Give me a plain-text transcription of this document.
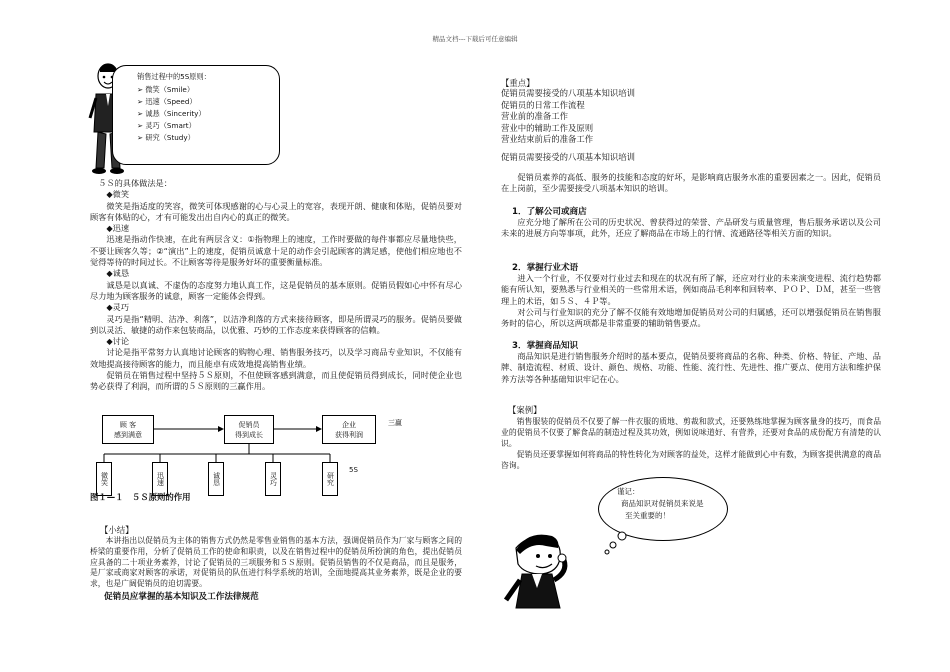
精品文档---下载后可任意编辑
销售过程中的5S原则：
➢ 微笑（Smile）
➢ 迅速（Speed）
➢ 诚恳（Sincerity）
➢ 灵巧（Smart）
➢ 研究（Study）

５Ｓ的具体做法是：

◆微笑

微笑是指适度的笑容，微笑可体现感谢的心与心灵上的宽容，表现开朗、健康和体贴，促销员要对顾客有体贴的心，才有可能发出出自内心的真正的微笑。

◆迅速

迅速是指动作快速，在此有两层含义：①指物理上的速度，工作时要做的每件事都应尽量地快些，不要让顾客久等；②“演出”上的速度，促销员诚意十足的动作会引起顾客的满足感，使他们相应地也不觉得等待的时间过长。不让顾客等待是服务好坏的重要衡量标准。

◆诚恳

诚恳是以真诚、不虚伪的态度努力地认真工作，这是促销员的基本原则。促销员假如心中怀有尽心尽力地为顾客服务的诚意，顾客一定能体会得到。

◆灵巧

灵巧是指“精明、洁净、利落”，以洁净利落的方式来接待顾客，即是所谓灵巧的服务。促销员要做到以灵活、敏捷的动作来包装商品，以优雅、巧妙的工作态度来获得顾客的信赖。

◆讨论

讨论是指平常努力认真地讨论顾客的购物心理、销售服务技巧，以及学习商品专业知识，不仅能有效地提高接待顾客的能力，而且能卓有成效地提高销售业绩。

促销员在销售过程中坚持５Ｓ原则，不但使顾客感到满意，而且使促销员得到成长，同时使企业也势必获得了利润，而所谓的５Ｓ原则的三赢作用。

顾 客
感到满意
促销员
得到成长
企业
获得利润
三赢
微笑	迅速	诚恳	灵巧	研究
5S
图１—１　５Ｓ原则的作用
【小结】

本讲指出以促销员为主体的销售方式仍然是零售业销售的基本方法，强调促销员作为厂家与顾客之间的桥梁的重要作用，分析了促销员工作的使命和职责，以及在销售过程中的促销员所扮演的角色，提出促销员应具备的二十项业务素养，讨论了促销员的三项服务和５Ｓ原则。促销员销售的不仅是商品，而且是服务，是厂家或商家对顾客的承诺，对促销员的队伍进行科学系统的培训，全面地提高其业务素养，既是企业的要求，也是广阔促销员的迫切需要。

促销员应掌握的基本知识及工作法律规范
【重点】
促销员需要接受的八项基本知识培训
促销员的日常工作流程
营业前的准备工作
营业中的辅助工作及原则
营业结束前后的准备工作
促销员需要接受的八项基本知识培训

促销员素养的高低、服务的技能和态度的好坏，是影响商店服务水准的重要因素之一。因此，促销员在上岗前，至少需要接受八项基本知识的培训。

1．了解公司或商店

应充分地了解所在公司的历史状况、曾获得过的荣誉、产品研发与质量管理，售后服务承诺以及公司未来的进展方向等事项，此外，还应了解商品在市场上的行情、流通路径等相关方面的知识。

2．掌握行业术语

进入一个行业，不仅要对行业过去和现在的状况有所了解，还应对行业的未来演变进程、流行趋势都能有所认知，要熟悉与行业相关的一些常用术语，例如商品毛利率和回转率、ＰＯＰ、ＤＭ，甚至一些管理上的术语，如５Ｓ、４Ｐ等。

对公司与行业知识的充分了解不仅能有效地增加促销员对公司的归属感，还可以增强促销员在销售服务时的信心，所以这两项都是非常重要的辅助销售要点。

3．掌握商品知识

商品知识是进行销售服务介绍时的基本要点，促销员要将商品的名称、种类、价格、特征、产地、品牌、制造流程、材质、设计、颜色、规格、功能、性能、流行性、先进性、推广要点、使用方法和维护保养方法等各种基础知识牢记在心。

【案例】

销售服装的促销员不仅要了解一件衣服的质地、剪裁和款式，还要熟练地掌握为顾客量身的技巧，而食品业的促销员不仅要了解食品的制造过程及其功效，例如说味道好、有营养，还要对食品的成份配方有清楚的认识。

促销员还要掌握如何将商品的特性转化为对顾客的益处，这样才能做到心中有数，为顾客提供满意的商品咨询。

谨记：
商品知识对促销员来说是
至关重要的！
